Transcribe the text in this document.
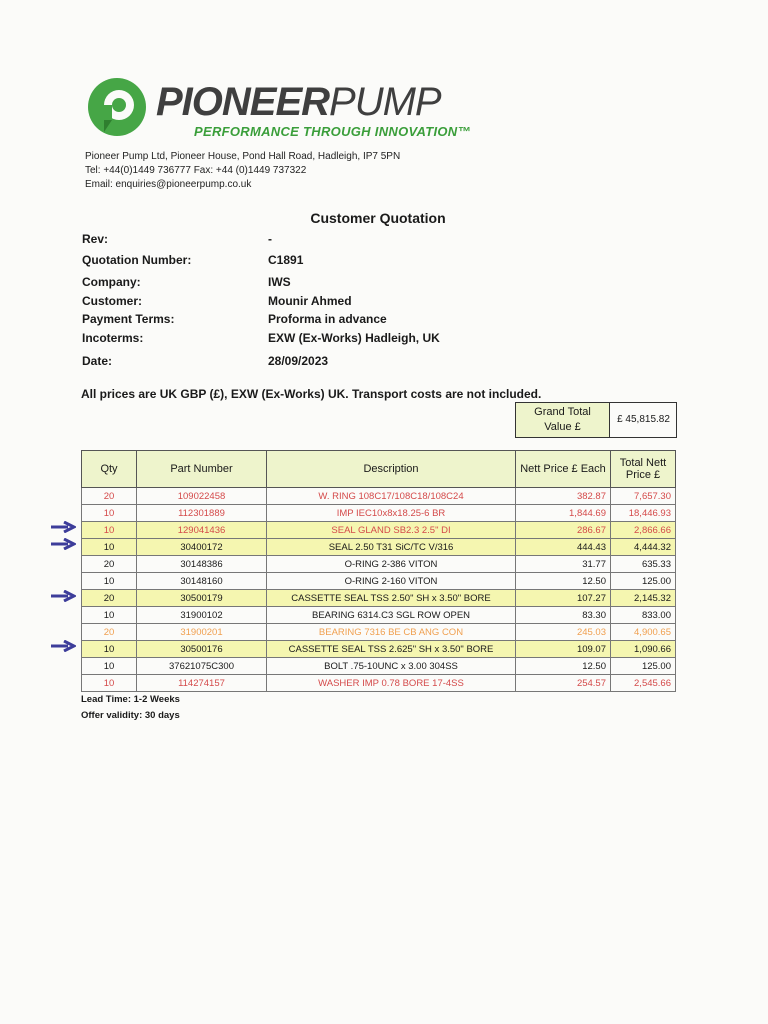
PIONEERPUMP
PERFORMANCE THROUGH INNOVATION™
Pioneer Pump Ltd, Pioneer House, Pond Hall Road, Hadleigh, IP7 5PN
Tel: +44(0)1449 736777 Fax: +44 (0)1449 737322
Email: enquiries@pioneerpump.co.uk
Customer Quotation
Rev:	-
Quotation Number:	C1891
Company:	IWS
Customer:	Mounir Ahmed
Payment Terms:	Proforma in advance
Incoterms:	EXW (Ex-Works) Hadleigh, UK
Date:	28/09/2023
All prices are UK GBP (£), EXW (Ex-Works) UK. Transport costs are not included.
Grand Total
Value £
£ 45,815.82
Qty	Part Number	Description	Nett Price £ Each	Total Nett Price £
20	109022458	W. RING 108C17/108C18/108C24	382.87	7,657.30
10	112301889	IMP IEC10x8x18.25-6 BR	1,844.69	18,446.93
10	129041436	SEAL GLAND SB2.3 2.5" DI	286.67	2,866.66
10	30400172	SEAL 2.50 T31 SiC/TC V/316	444.43	4,444.32
20	30148386	O-RING 2-386 VITON	31.77	635.33
10	30148160	O-RING 2-160 VITON	12.50	125.00
20	30500179	CASSETTE SEAL TSS 2.50" SH x 3.50" BORE	107.27	2,145.32
10	31900102	BEARING 6314.C3 SGL ROW OPEN	83.30	833.00
20	31900201	BEARING 7316 BE CB ANG CON	245.03	4,900.65
10	30500176	CASSETTE SEAL TSS 2.625" SH x 3.50" BORE	109.07	1,090.66
10	37621075C300	BOLT .75-10UNC x 3.00 304SS	12.50	125.00
10	114274157	WASHER IMP 0.78 BORE 17-4SS	254.57	2,545.66
Lead Time: 1-2 Weeks
Offer validity: 30 days
